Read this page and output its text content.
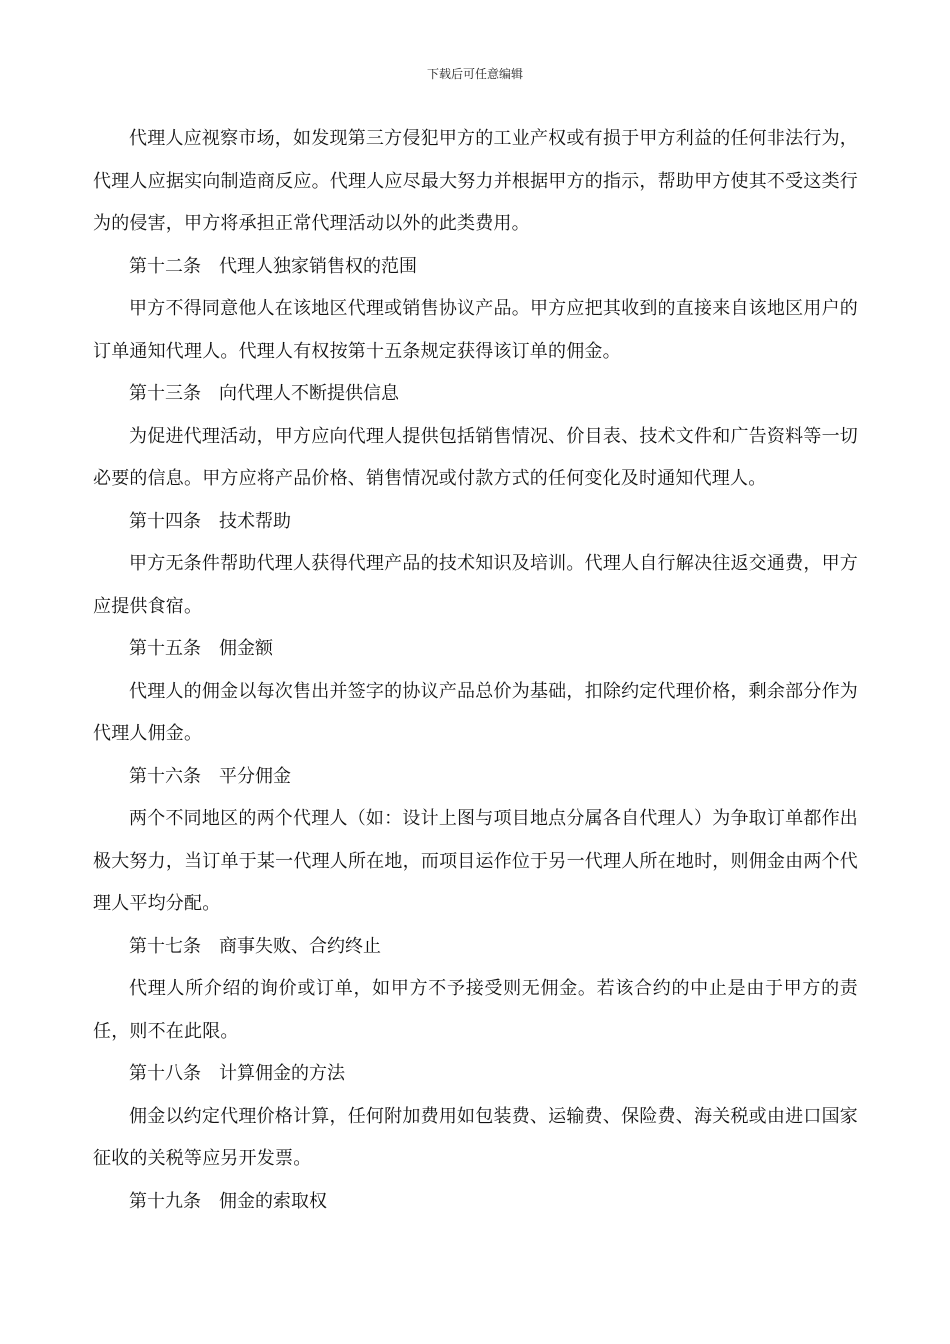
下载后可任意编辑

代理人应视察市场，如发现第三方侵犯甲方的工业产权或有损于甲方利益的任何非法行为，代理人应据实向制造商反应。代理人应尽最大努力并根据甲方的指示，帮助甲方使其不受这类行为的侵害，甲方将承担正常代理活动以外的此类费用。

第十二条 代理人独家销售权的范围

甲方不得同意他人在该地区代理或销售协议产品。甲方应把其收到的直接来自该地区用户的订单通知代理人。代理人有权按第十五条规定获得该订单的佣金。

第十三条 向代理人不断提供信息

为促进代理活动，甲方应向代理人提供包括销售情况、价目表、技术文件和广告资料等一切必要的信息。甲方应将产品价格、销售情况或付款方式的任何变化及时通知代理人。

第十四条 技术帮助

甲方无条件帮助代理人获得代理产品的技术知识及培训。代理人自行解决往返交通费，甲方应提供食宿。

第十五条 佣金额

代理人的佣金以每次售出并签字的协议产品总价为基础，扣除约定代理价格，剩余部分作为代理人佣金。

第十六条 平分佣金

两个不同地区的两个代理人（如：设计上图与项目地点分属各自代理人）为争取订单都作出极大努力，当订单于某一代理人所在地，而项目运作位于另一代理人所在地时，则佣金由两个代理人平均分配。

第十七条 商事失败、合约终止

代理人所介绍的询价或订单，如甲方不予接受则无佣金。若该合约的中止是由于甲方的责任，则不在此限。

第十八条 计算佣金的方法

佣金以约定代理价格计算，任何附加费用如包装费、运输费、保险费、海关税或由进口国家征收的关税等应另开发票。

第十九条 佣金的索取权
